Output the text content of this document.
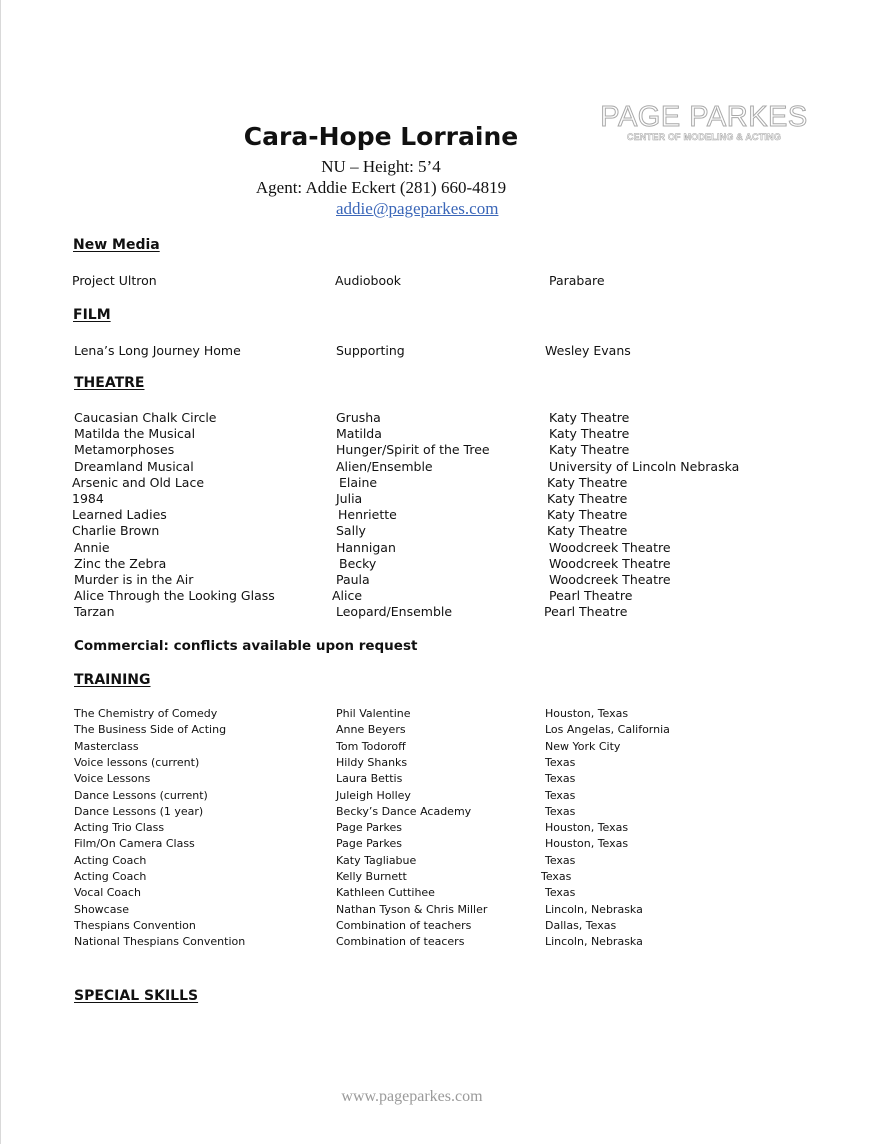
PAGE PARKES
CENTER OF MODELING & ACTING
Cara-Hope Lorraine
NU – Height: 5’4
Agent: Addie Eckert (281) 660-4819
addie@pageparkes.com
New Media
Project Ultron	Audiobook	Parabare
FILM
Lena’s Long Journey Home	Supporting	Wesley Evans
THEATRE
Caucasian Chalk Circle	Grusha	Katy Theatre
Matilda the Musical	Matilda	Katy Theatre
Metamorphoses	Hunger/Spirit of the Tree	Katy Theatre
Dreamland Musical	Alien/Ensemble	University of Lincoln Nebraska
Arsenic and Old Lace	Elaine	Katy Theatre
1984	Julia	Katy Theatre
Learned Ladies	Henriette	Katy Theatre
Charlie Brown	Sally	Katy Theatre
Annie	Hannigan	Woodcreek Theatre
Zinc the Zebra	Becky	Woodcreek Theatre
Murder is in the Air	Paula	Woodcreek Theatre
Alice Through the Looking Glass	Alice	Pearl Theatre
Tarzan	Leopard/Ensemble	Pearl Theatre
Commercial: conflicts available upon request
TRAINING
The Chemistry of Comedy	Phil Valentine	Houston, Texas
The Business Side of Acting	Anne Beyers	Los Angelas, California
Masterclass	Tom Todoroff	New York City
Voice lessons (current)	Hildy Shanks	Texas
Voice Lessons	Laura Bettis	Texas
Dance Lessons (current)	Juleigh Holley	Texas
Dance Lessons (1 year)	Becky’s Dance Academy	Texas
Acting Trio Class	Page Parkes	Houston, Texas
Film/On Camera Class	Page Parkes	Houston, Texas
Acting Coach	Katy Tagliabue	Texas
Acting Coach	Kelly Burnett	Texas
Vocal Coach	Kathleen Cuttihee	Texas
Showcase	Nathan Tyson & Chris Miller	Lincoln, Nebraska
Thespians Convention	Combination of teachers	Dallas, Texas
National Thespians Convention	Combination of teacers	Lincoln, Nebraska
SPECIAL SKILLS
www.pageparkes.com
